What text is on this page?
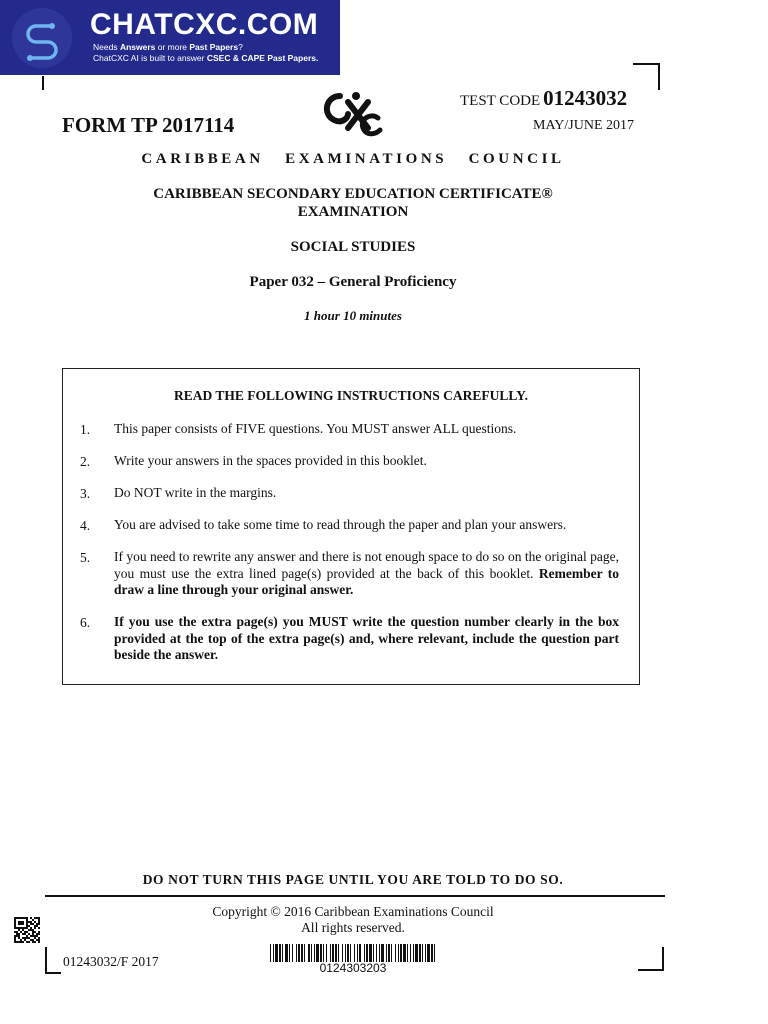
CHATCXC.COM
Needs Answers or more Past Papers?
ChatCXC AI is built to answer CSEC & CAPE Past Papers.
TEST CODE 01243032
FORM TP 2017114	MAY/JUNE 2017
CARIBBEAN EXAMINATIONS COUNCIL
CARIBBEAN SECONDARY EDUCATION CERTIFICATE®
EXAMINATION
SOCIAL STUDIES
Paper 032 – General Proficiency
1 hour 10 minutes
READ THE FOLLOWING INSTRUCTIONS CAREFULLY.
1. This paper consists of FIVE questions. You MUST answer ALL questions.
2. Write your answers in the spaces provided in this booklet.
3. Do NOT write in the margins.
4. You are advised to take some time to read through the paper and plan your answers.
5. If you need to rewrite any answer and there is not enough space to do so on the original page, you must use the extra lined page(s) provided at the back of this booklet. Remember to draw a line through your original answer.
6. If you use the extra page(s) you MUST write the question number clearly in the box provided at the top of the extra page(s) and, where relevant, include the question part beside the answer.
DO NOT TURN THIS PAGE UNTIL YOU ARE TOLD TO DO SO.
Copyright © 2016 Caribbean Examinations Council
All rights reserved.
01243032/F 2017	0124303203
